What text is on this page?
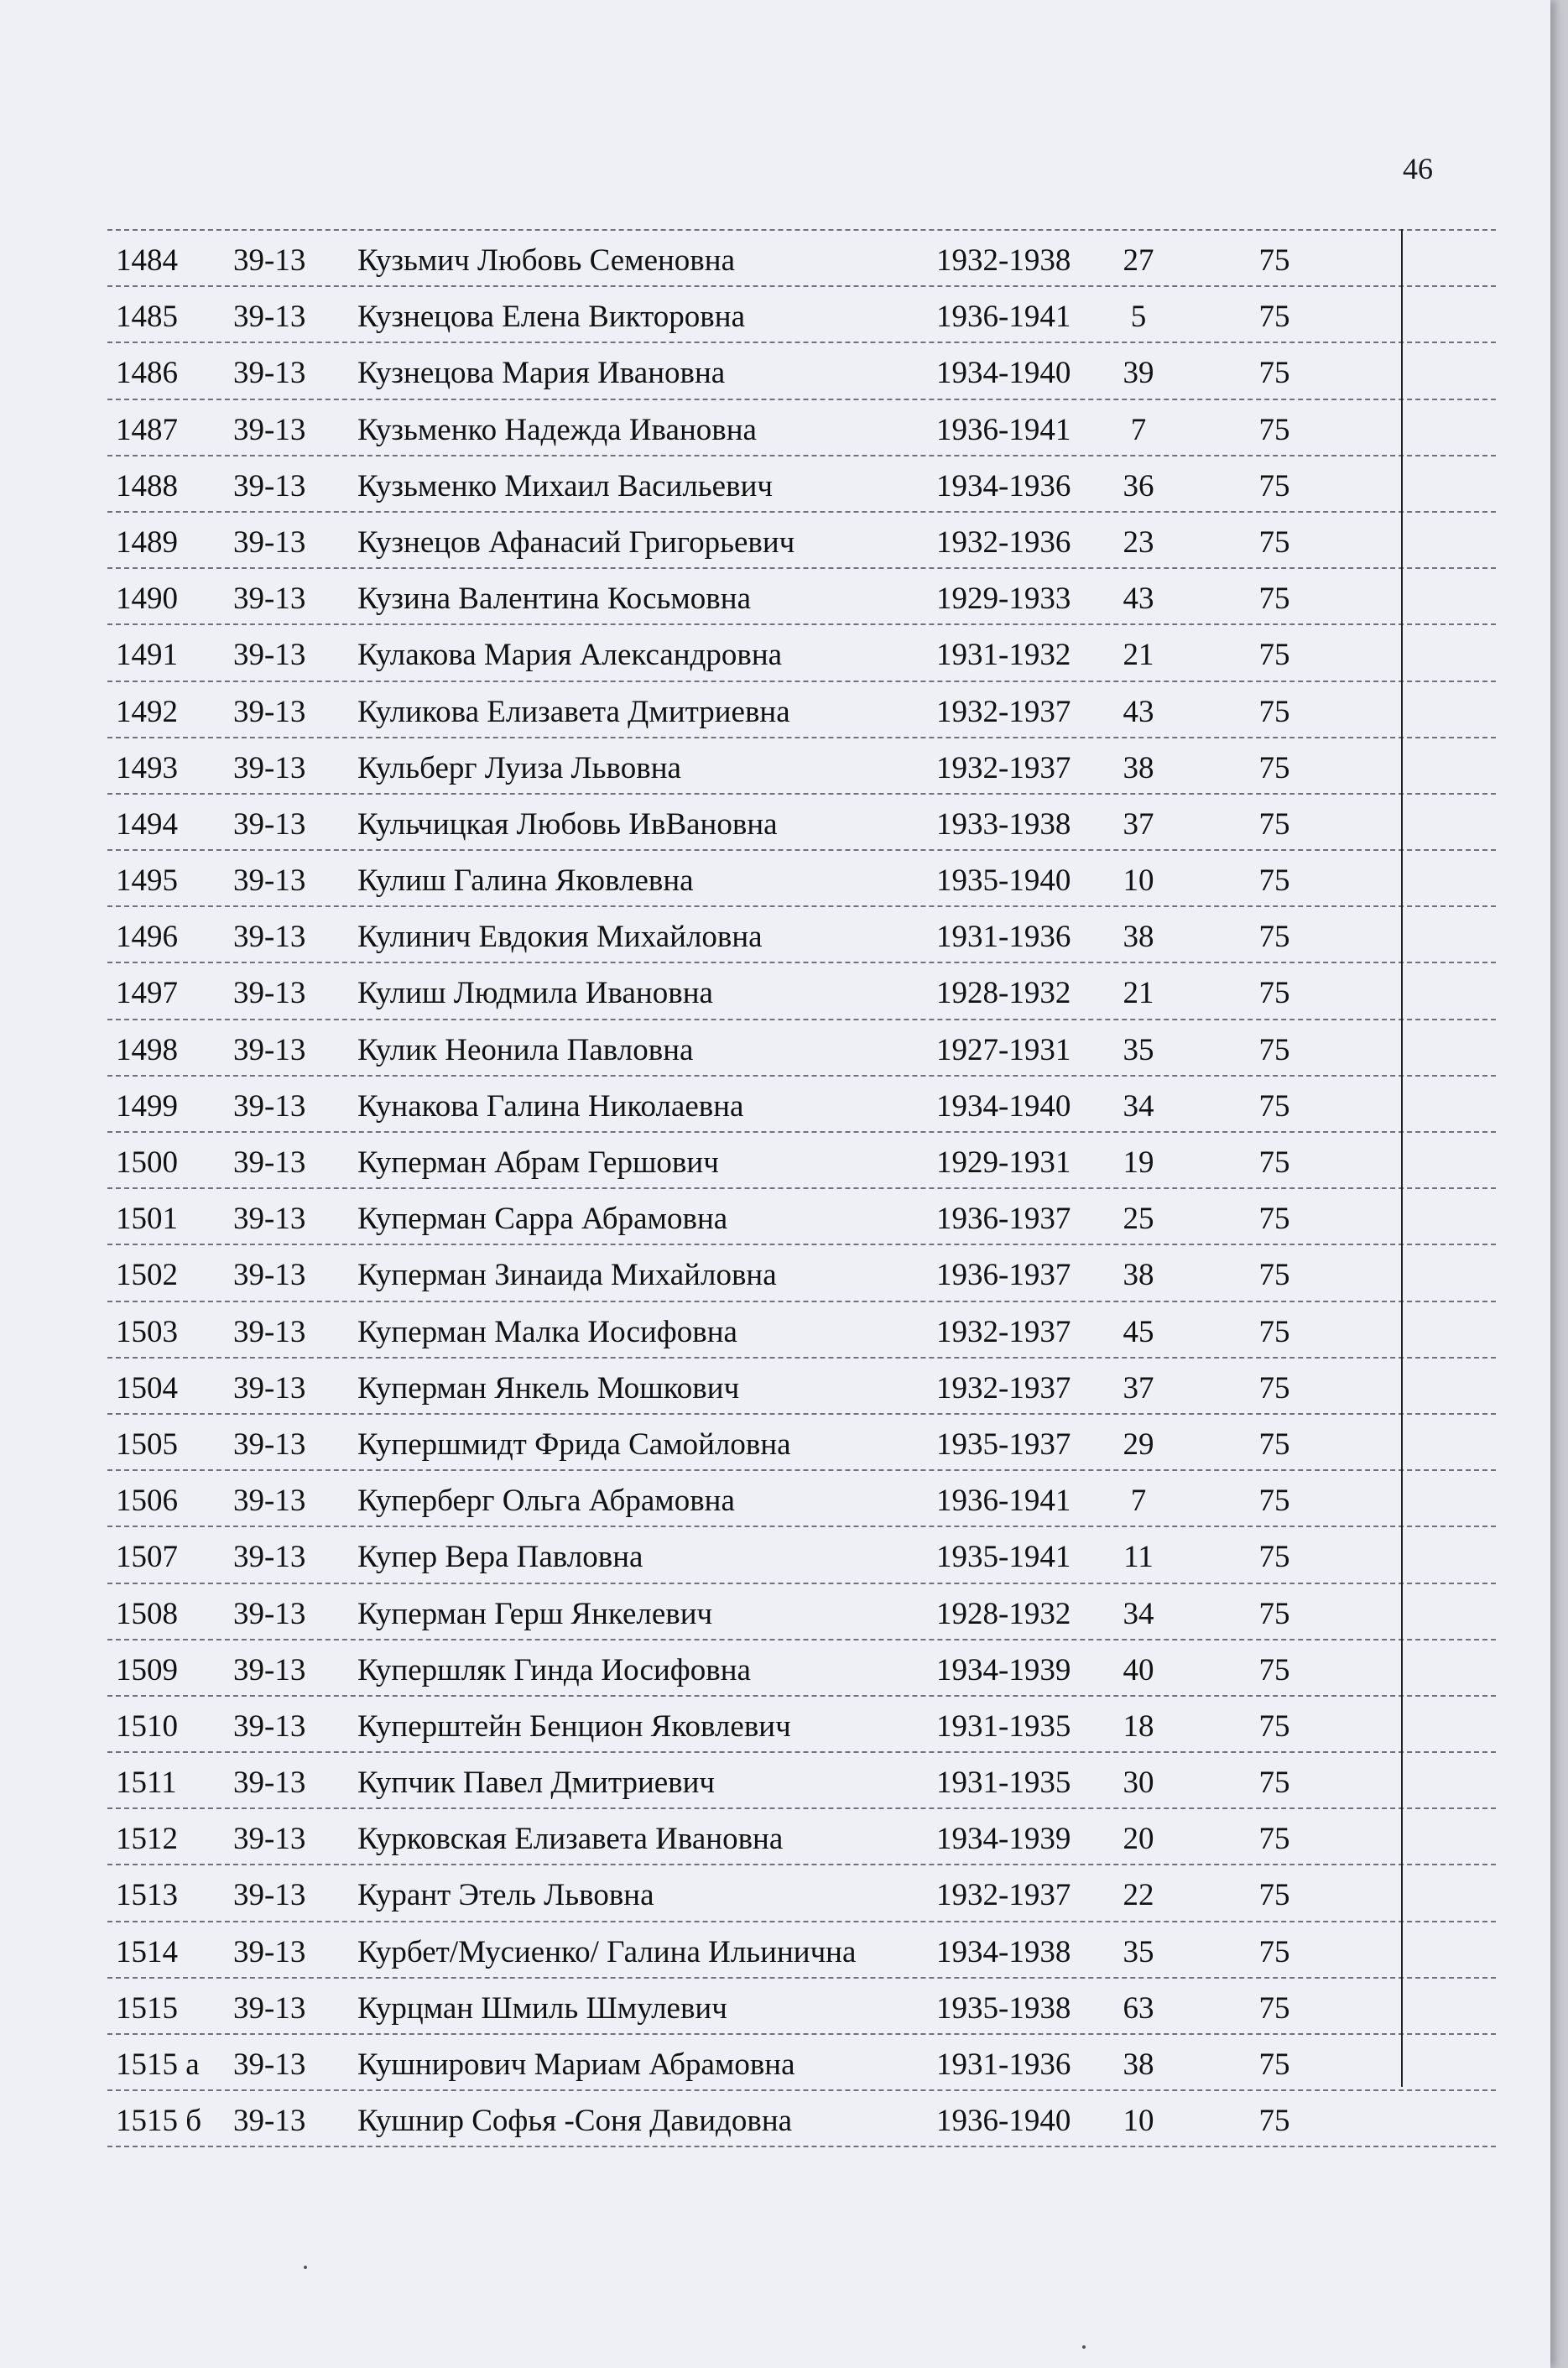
46
1484 39-13 Кузьмич Любовь Семеновна	1932-1938	27	75
1485 39-13 Кузнецова Елена Викторовна	1936-1941	5	75
1486 39-13 Кузнецова Мария Ивановна	1934-1940	39	75
1487 39-13 Кузьменко Надежда Ивановна	1936-1941	7	75
1488 39-13 Кузьменко Михаил Васильевич	1934-1936	36	75
1489 39-13 Кузнецов Афанасий Григорьевич	1932-1936	23	75
1490 39-13 Кузина Валентина Косьмовна	1929-1933	43	75
1491 39-13 Кулакова Мария Александровна	1931-1932	21	75
1492 39-13 Куликова Елизавета Дмитриевна	1932-1937	43	75
1493 39-13 Кульберг Луиза Львовна	1932-1937	38	75
1494 39-13 Кульчицкая Любовь ИвВановна	1933-1938	37	75
1495 39-13 Кулиш Галина Яковлевна	1935-1940	10	75
1496 39-13 Кулинич Евдокия Михайловна	1931-1936	38	75
1497 39-13 Кулиш Людмила Ивановна	1928-1932	21	75
1498 39-13 Кулик Неонила Павловна	1927-1931	35	75
1499 39-13 Кунакова Галина Николаевна	1934-1940	34	75
1500 39-13 Куперман Абрам Гершович	1929-1931	19	75
1501 39-13 Куперман Сарра Абрамовна	1936-1937	25	75
1502 39-13 Куперман Зинаида Михайловна	1936-1937	38	75
1503 39-13 Куперман Малка Иосифовна	1932-1937	45	75
1504 39-13 Куперман Янкель Мошкович	1932-1937	37	75
1505 39-13 Купершмидт Фрида Самойловна	1935-1937	29	75
1506 39-13 Куперберг Ольга Абрамовна	1936-1941	7	75
1507 39-13 Купер Вера Павловна	1935-1941	11	75
1508 39-13 Куперман Герш Янкелевич	1928-1932	34	75
1509 39-13 Купершляк Гинда Иосифовна	1934-1939	40	75
1510 39-13 Куперштейн Бенцион Яковлевич	1931-1935	18	75
1511 39-13 Купчик Павел Дмитриевич	1931-1935	30	75
1512 39-13 Курковская Елизавета Ивановна	1934-1939	20	75
1513 39-13 Курант Этель Львовна	1932-1937	22	75
1514 39-13 Курбет/Мусиенко/ Галина Ильинична	1934-1938	35	75
1515 39-13 Курцман Шмиль Шмулевич	1935-1938	63	75
1515 а 39-13 Кушнирович Мариам Абрамовна	1931-1936	38	75
1515 б 39-13 Кушнир Софья -Соня Давидовна	1936-1940	10	75
